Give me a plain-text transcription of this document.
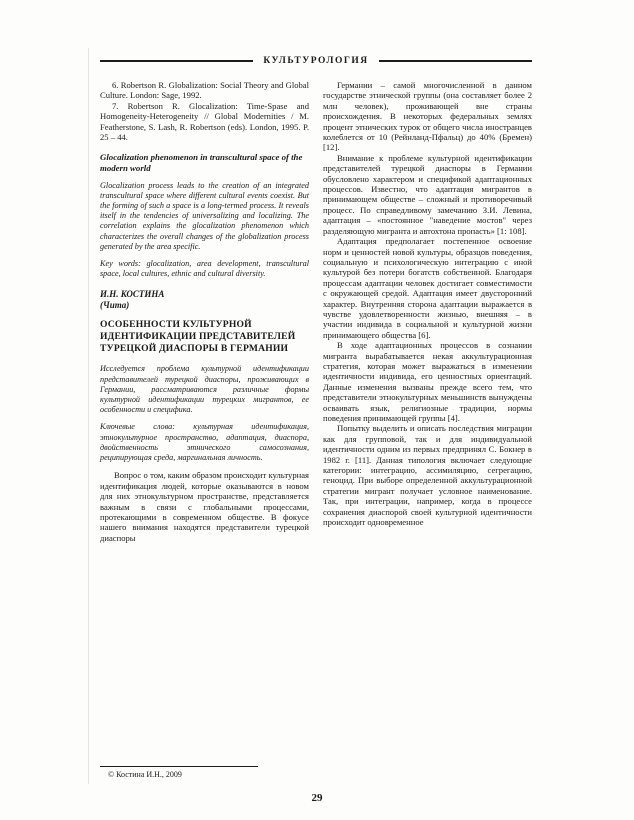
КУЛЬТУРОЛОГИЯ

6. Robertson R. Globalization: Social Theory and Global Culture. London: Sage, 1992.

7. Robertson R. Glocalization: Time-Spase and Homogeneity-Heterogeneity // Global Modernities / M. Featherstone, S. Lash, R. Robertson (eds). London, 1995. P. 25 – 44.

Glocalization phenomenon in transcultural space of the modern world

Glocalization process leads to the creation of an integrated transcultural space where different cultural events coexist. But the forming of such a space is a long-termed process. It reveals itself in the tendencies of universalizing and localizing. The correlation explains the glocalization phenomenon which characterizes the overall changes of the globalization process generated by the area specific.

Key words: glocalization, area development, transcultural space, local cultures, ethnic and cultural diversity.

И.Н. КОСТИНА
(Чита)
ОСОБЕННОСТИ КУЛЬТУРНОЙ ИДЕНТИФИКАЦИИ ПРЕДСТАВИТЕЛЕЙ ТУРЕЦКОЙ ДИАСПОРЫ В ГЕРМАНИИ

Исследуется проблема культурной идентификации представителей турецкой диаспоры, проживающих в Германии, рассматриваются различные формы культурной идентификации турецких мигрантов, ее особенности и специфика.

Ключевые слова: культурная идентификация, этнокультурное пространство, адаптация, диаспора, двойственность этнического самосознания, реципирующая среда, маргинальная личность.

Вопрос о том, каким образом происходит культурная идентификация людей, которые оказываются в новом для них этнокультурном пространстве, представляется важным в связи с глобальными процессами, протекающими в современном обществе. В фокусе нашего внимания находятся представители турецкой диаспоры

© Костина И.Н., 2009

Германии – самой многочисленной в данном государстве этнической группы (она составляет более 2 млн человек), проживающей вне страны происхождения. В некоторых федеральных землях процент этнических турок от общего числа иностранцев колеблется от 10 (Рейнланд-Пфальц) до 40% (Бремен) [12].

Внимание к проблеме культурной идентификации представителей турецкой диаспоры в Германии обусловлено характером и спецификой адаптационных процессов. Известно, что адаптация мигрантов в принимающем обществе – сложный и противоречивый процесс. По справедливому замечанию З.И. Левина, адаптация – «постоянное "наведение мостов" через разделяющую мигранта и автохтона пропасть» [1: 108].

Адаптация предполагает постепенное освоение норм и ценностей новой культуры, образцов поведения, социальную и психологическую интеграцию с иной культурой без потери богатств собственной. Благодаря процессам адаптации человек достигает совместимости с окружающей средой. Адаптация имеет двусторонний характер. Внутренняя сторона адаптации выражается в чувстве удовлетворенности жизнью, внешняя – в участии индивида в социальной и культурной жизни принимающего общества [6].

В ходе адаптационных процессов в сознании мигранта вырабатывается некая аккультурационная стратегия, которая может выражаться в изменении идентичности индивида, его ценностных ориентаций. Данные изменения вызваны прежде всего тем, что представители этнокультурных меньшинств вынуждены осваивать язык, религиозные традиции, нормы поведения принимающей группы [4].

Попытку выделить и описать последствия миграции как для групповой, так и для индивидуальной идентичности одним из первых предпринял С. Бокнер в 1982 г. [11]. Данная типология включает следующие категории: интеграцию, ассимиляцию, сегрегацию, геноцид. При выборе определенной аккультурационной стратегии мигрант получает условное наименование. Так, при интеграции, например, когда в процессе сохранения диаспорой своей культурной идентичности происходит одновременное

29
